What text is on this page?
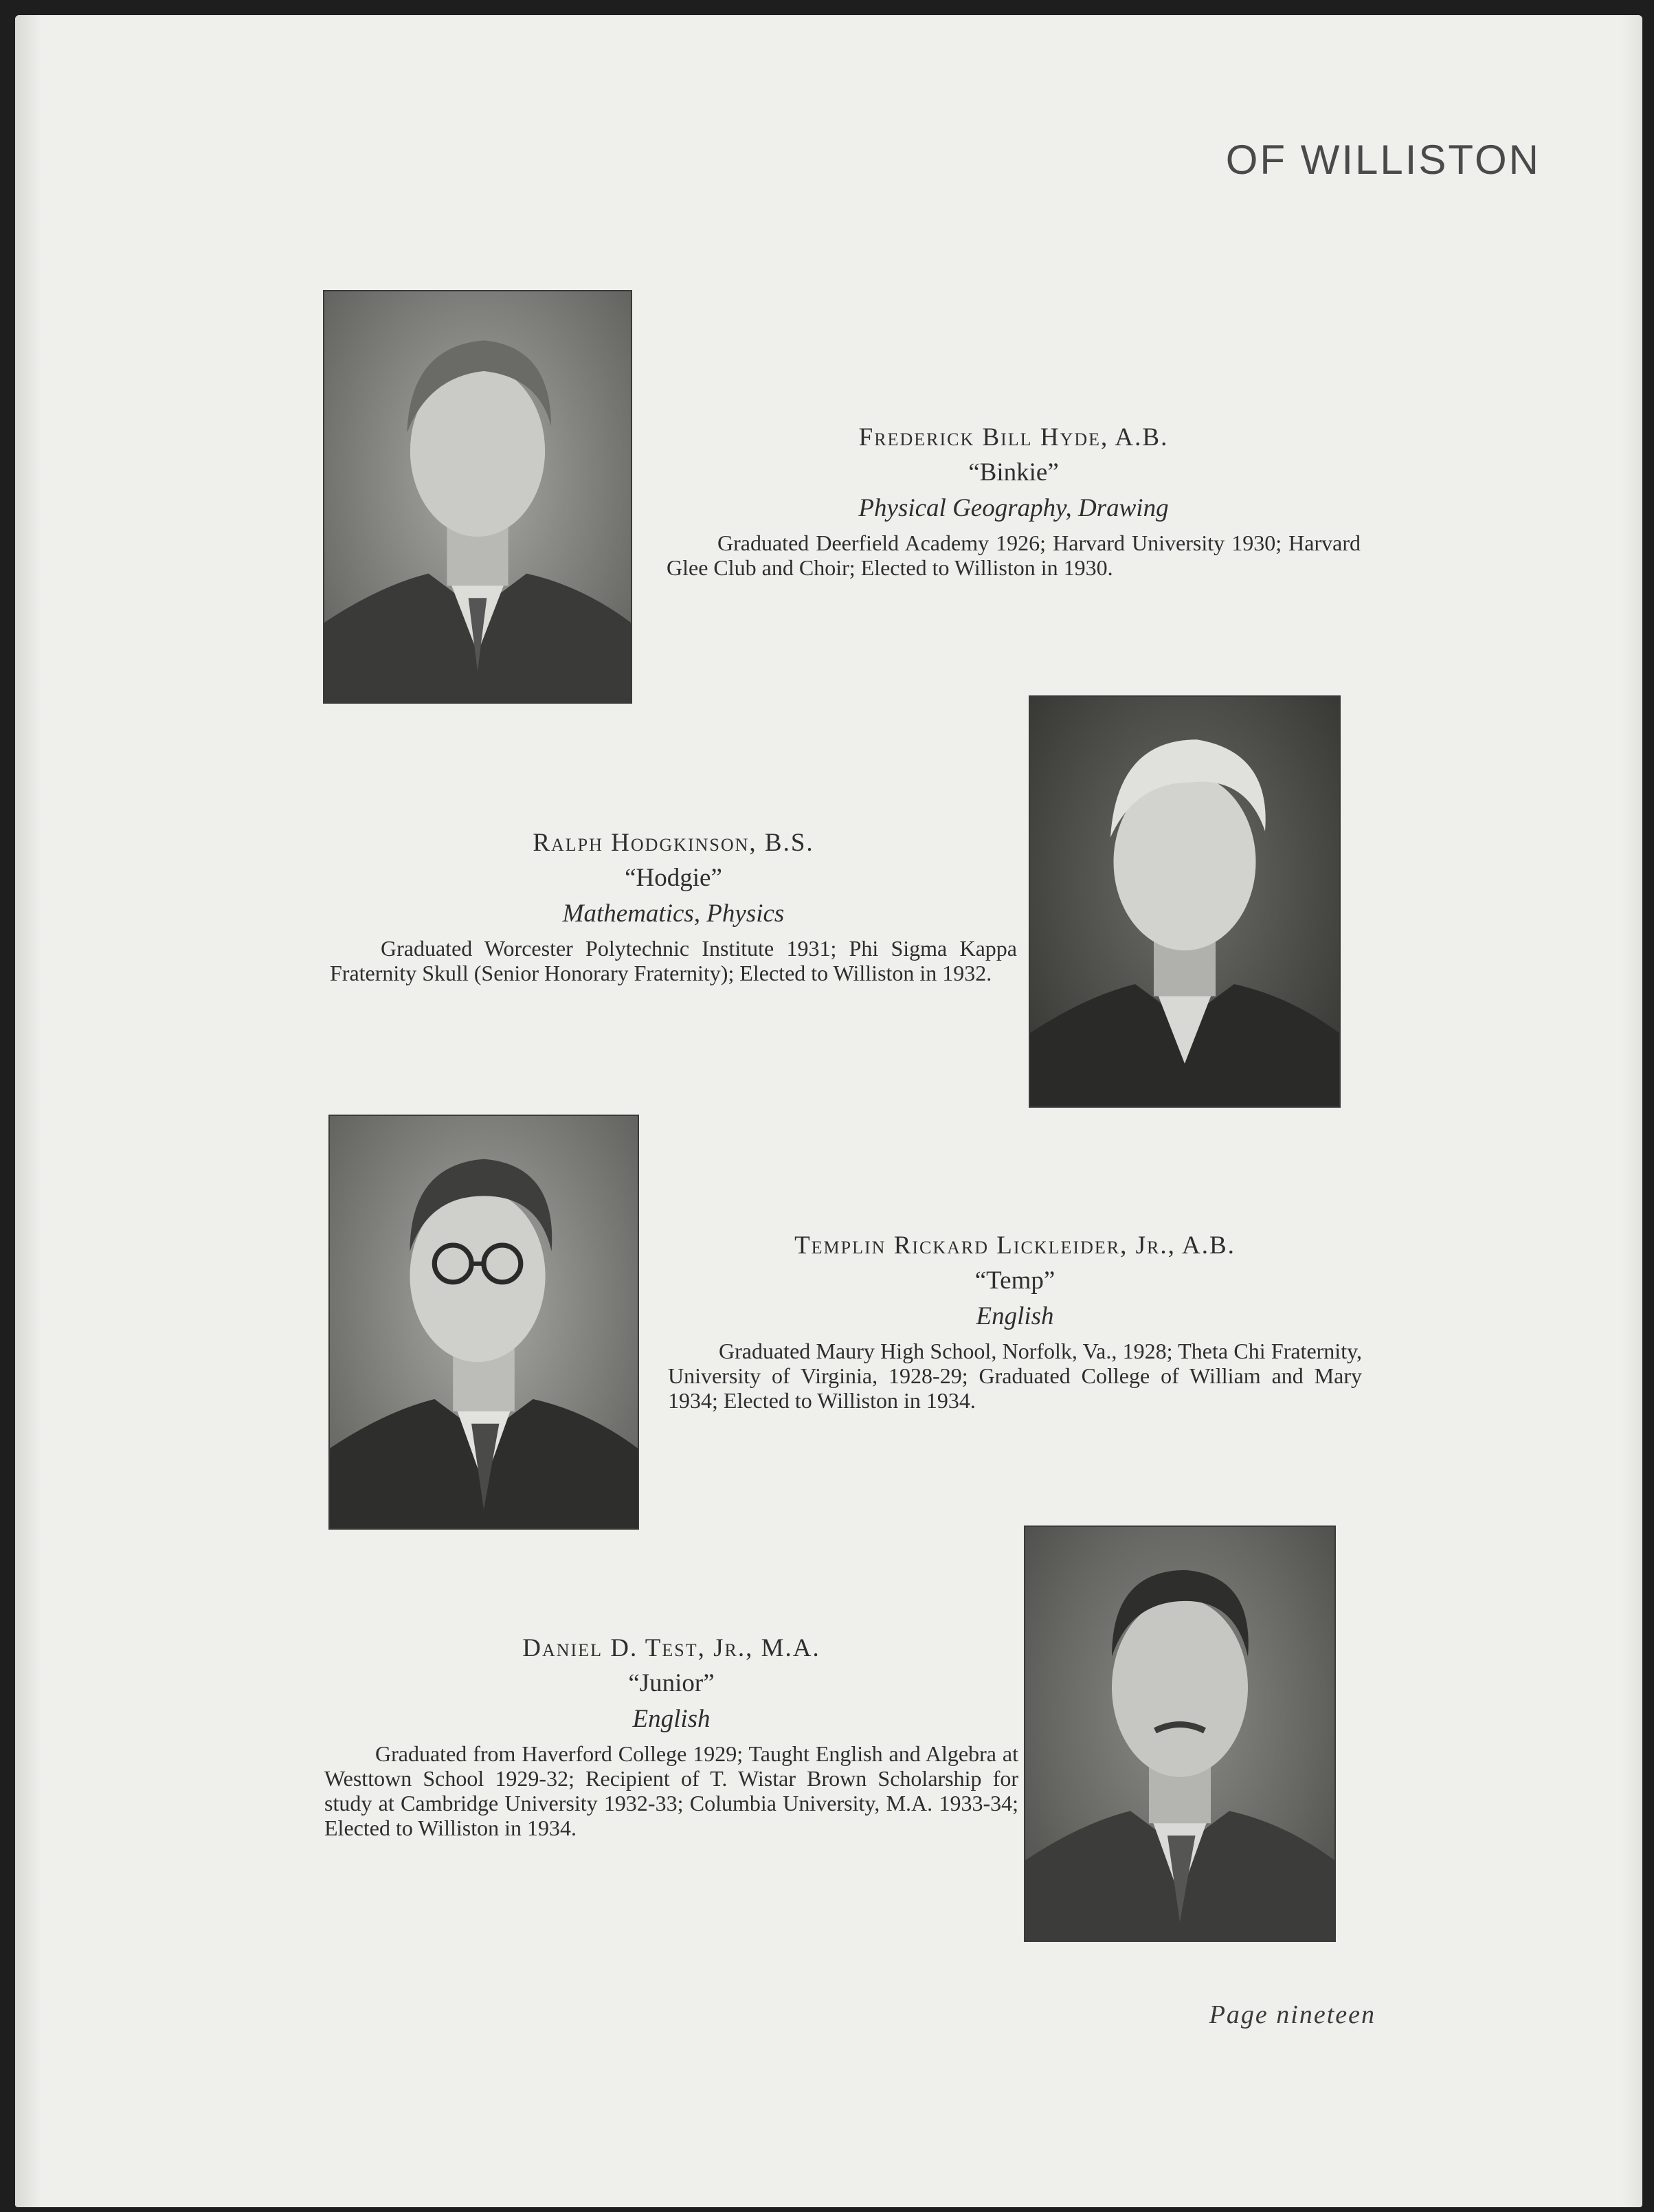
OF WILLISTON
Frederick Bill Hyde, A.B.
“Binkie”
Physical Geography, Drawing
Graduated Deerfield Academy 1926; Harvard University 1930; Harvard Glee Club and Choir; Elected to Williston in 1930.
Ralph Hodgkinson, B.S.
“Hodgie”
Mathematics, Physics
Graduated Worcester Polytechnic Institute 1931; Phi Sigma Kappa Fraternity Skull (Senior Honorary Fraternity); Elected to Williston in 1932.
Templin Rickard Lickleider, Jr., A.B.
“Temp”
English
Graduated Maury High School, Norfolk, Va., 1928; Theta Chi Fraternity, University of Virginia, 1928-29; Graduated College of William and Mary 1934; Elected to Williston in 1934.
Daniel D. Test, Jr., M.A.
“Junior”
English
Graduated from Haverford College 1929; Taught English and Algebra at Westtown School 1929-32; Recipient of T. Wistar Brown Scholarship for study at Cambridge University 1932-33; Columbia University, M.A. 1933-34; Elected to Williston in 1934.
Page nineteen
